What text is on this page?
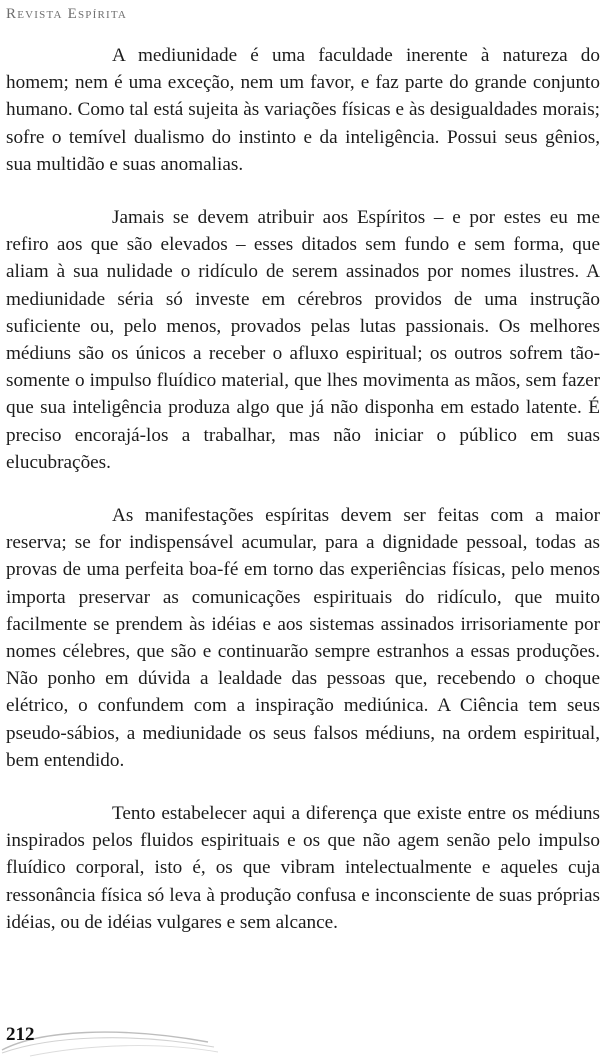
Revista Espírita

A mediunidade é uma faculdade inerente à natureza do homem; nem é uma exceção, nem um favor, e faz parte do grande conjunto humano. Como tal está sujeita às variações físicas e às desigualdades morais; sofre o temível dualismo do instinto e da inteligência. Possui seus gênios, sua multidão e suas anomalias.

Jamais se devem atribuir aos Espíritos – e por estes eu me refiro aos que são elevados – esses ditados sem fundo e sem forma, que aliam à sua nulidade o ridículo de serem assinados por nomes ilustres. A mediunidade séria só investe em cérebros providos de uma instrução suficiente ou, pelo menos, provados pelas lutas passionais. Os melhores médiuns são os únicos a receber o afluxo espiritual; os outros sofrem tão-somente o impulso fluídico material, que lhes movimenta as mãos, sem fazer que sua inteligência produza algo que já não disponha em estado latente. É preciso encorajá-los a trabalhar, mas não iniciar o público em suas elucubrações.

As manifestações espíritas devem ser feitas com a maior reserva; se for indispensável acumular, para a dignidade pessoal, todas as provas de uma perfeita boa-fé em torno das experiências físicas, pelo menos importa preservar as comunicações espirituais do ridículo, que muito facilmente se prendem às idéias e aos sistemas assinados irrisoriamente por nomes célebres, que são e continuarão sempre estranhos a essas produções. Não ponho em dúvida a lealdade das pessoas que, recebendo o choque elétrico, o confundem com a inspiração mediúnica. A Ciência tem seus pseudo-sábios, a mediunidade os seus falsos médiuns, na ordem espiritual, bem entendido.

Tento estabelecer aqui a diferença que existe entre os médiuns inspirados pelos fluidos espirituais e os que não agem senão pelo impulso fluídico corporal, isto é, os que vibram intelectualmente e aqueles cuja ressonância física só leva à produção confusa e inconsciente de suas próprias idéias, ou de idéias vulgares e sem alcance.

212
